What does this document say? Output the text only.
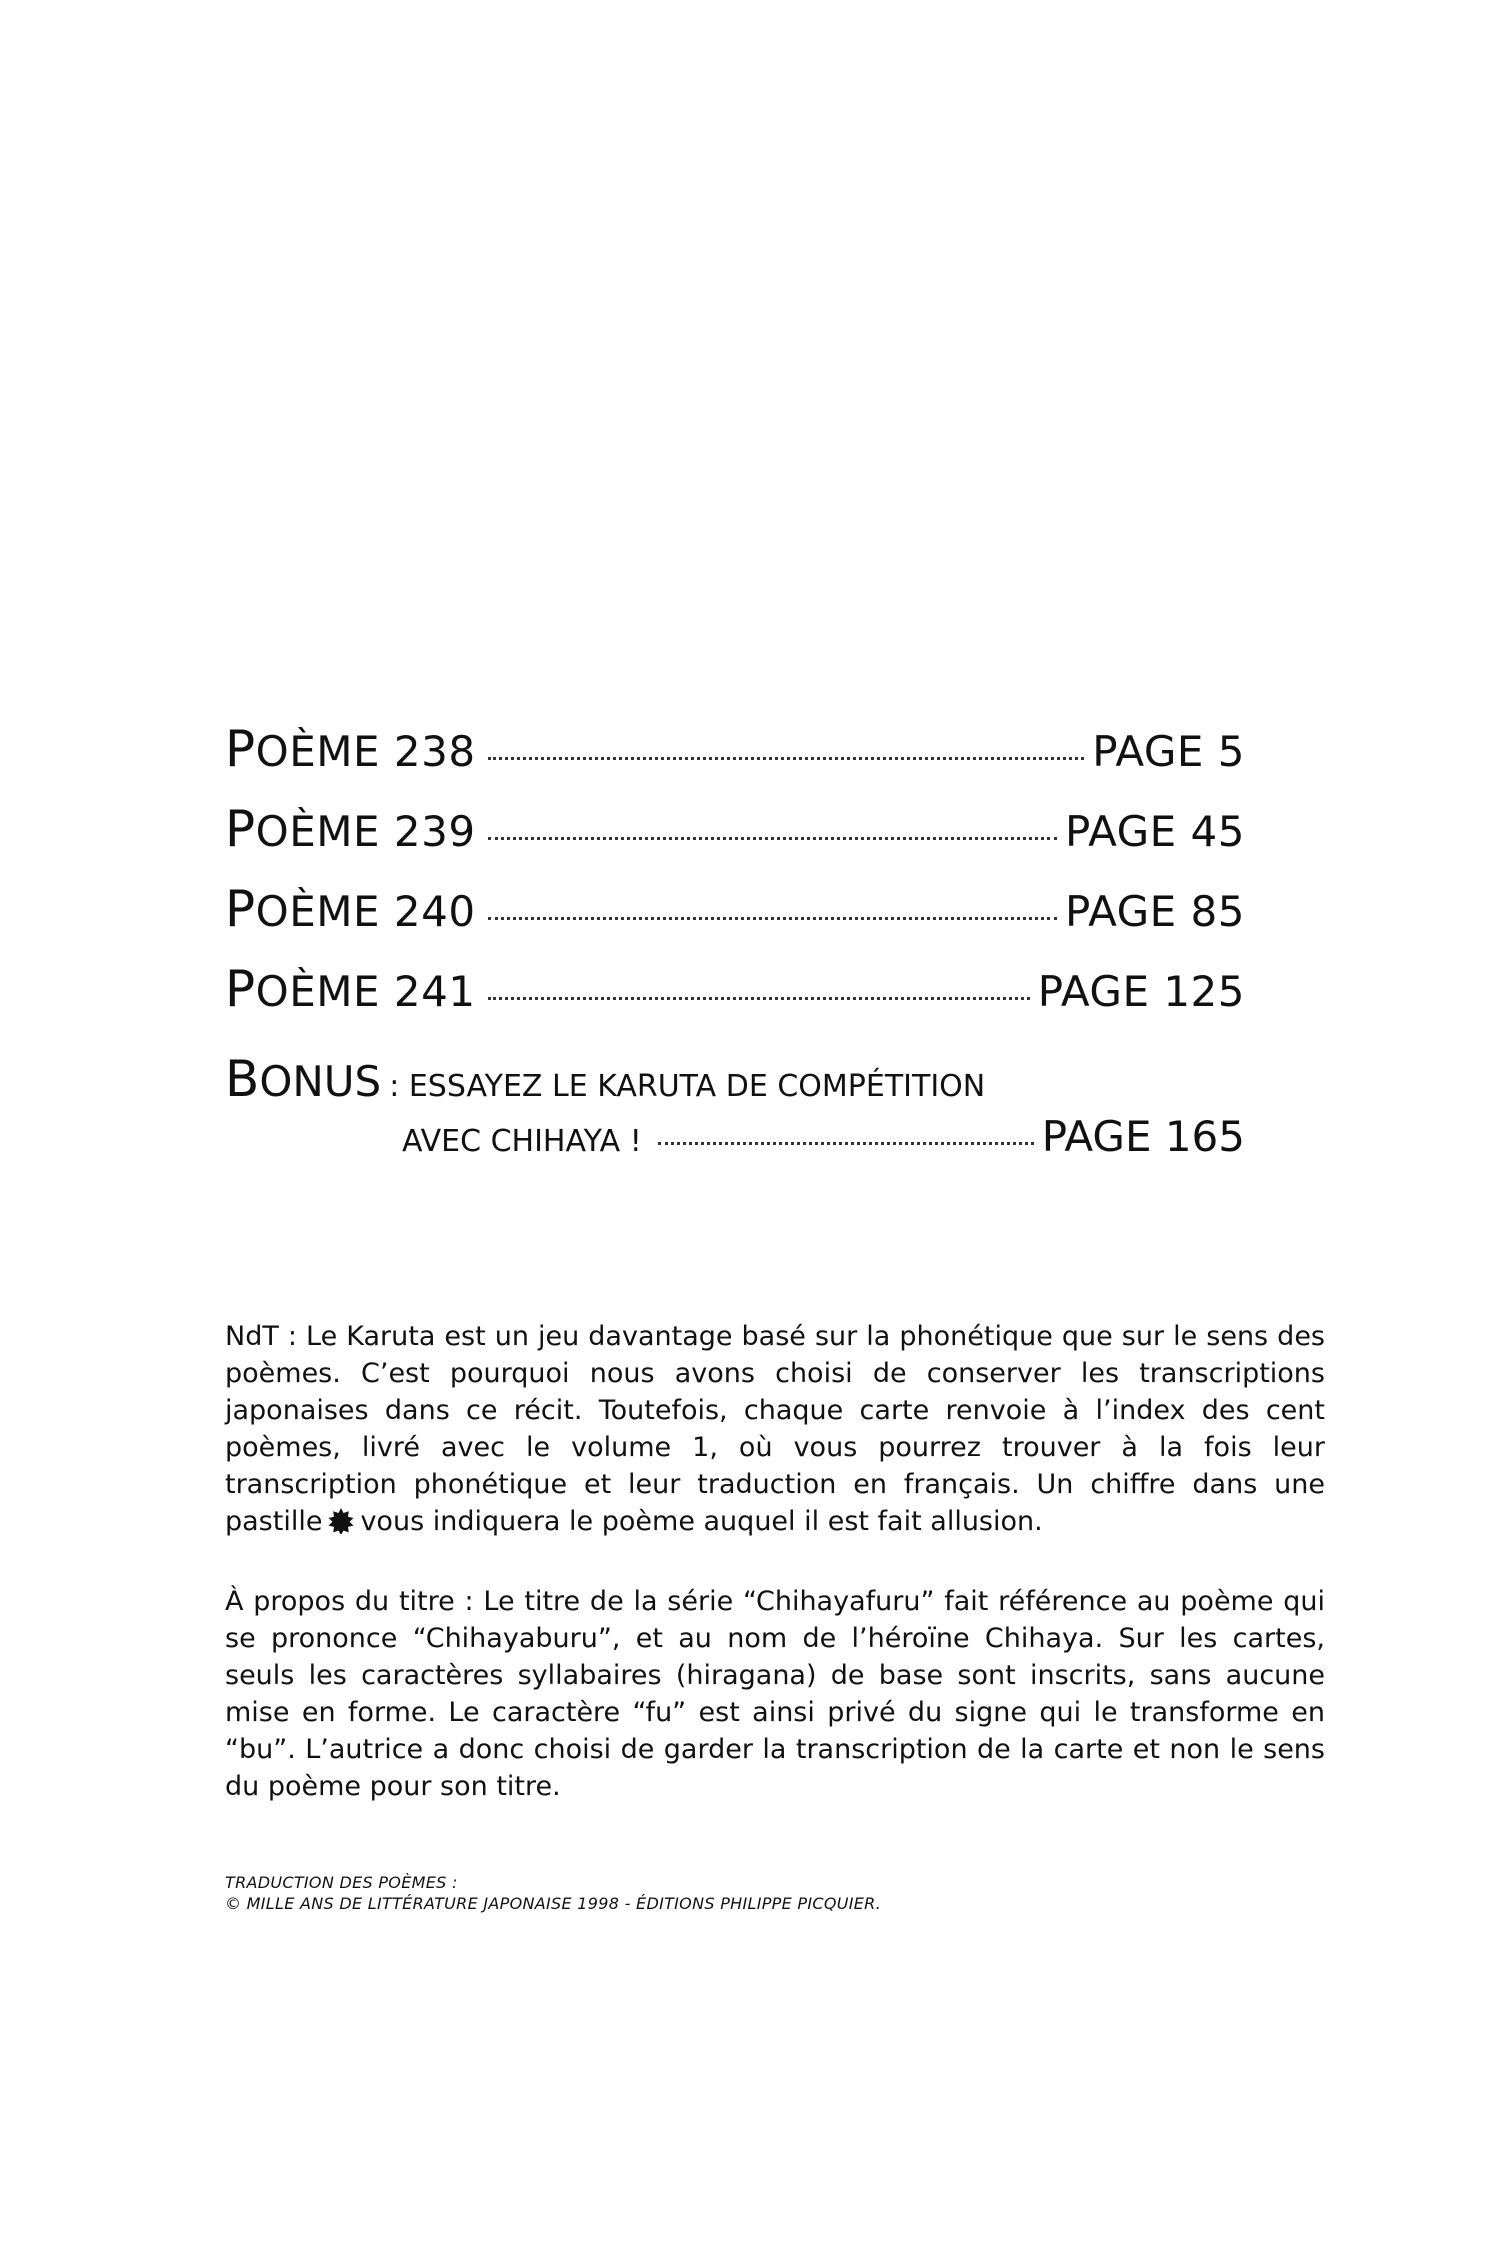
POÈME 238	PAGE 5
POÈME 239	PAGE 45
POÈME 240	PAGE 85
POÈME 241	PAGE 125
BONUS : ESSAYEZ LE KARUTA DE COMPÉTITION
AVEC CHIHAYA !	PAGE 165

NdT : Le Karuta est un jeu davantage basé sur la phonétique que sur le sens des poèmes. C’est pourquoi nous avons choisi de conserver les transcriptions japonaises dans ce récit. Toutefois, chaque carte renvoie à l’index des cent poèmes, livré avec le volume 1, où vous pourrez trouver à la fois leur transcription phonétique et leur traduction en français. Un chiffre dans une pastille vous indiquera le poème auquel il est fait allusion.

À propos du titre : Le titre de la série “Chihayafuru” fait référence au poème qui se prononce “Chihayaburu”, et au nom de l’héroïne Chihaya. Sur les cartes, seuls les caractères syllabaires (hiragana) de base sont inscrits, sans aucune mise en forme. Le caractère “fu” est ainsi privé du signe qui le transforme en “bu”. L’autrice a donc choisi de garder la transcription de la carte et non le sens du poème pour son titre.

TRADUCTION DES POÈMES :
© MILLE ANS DE LITTÉRATURE JAPONAISE 1998 - ÉDITIONS PHILIPPE PICQUIER.
